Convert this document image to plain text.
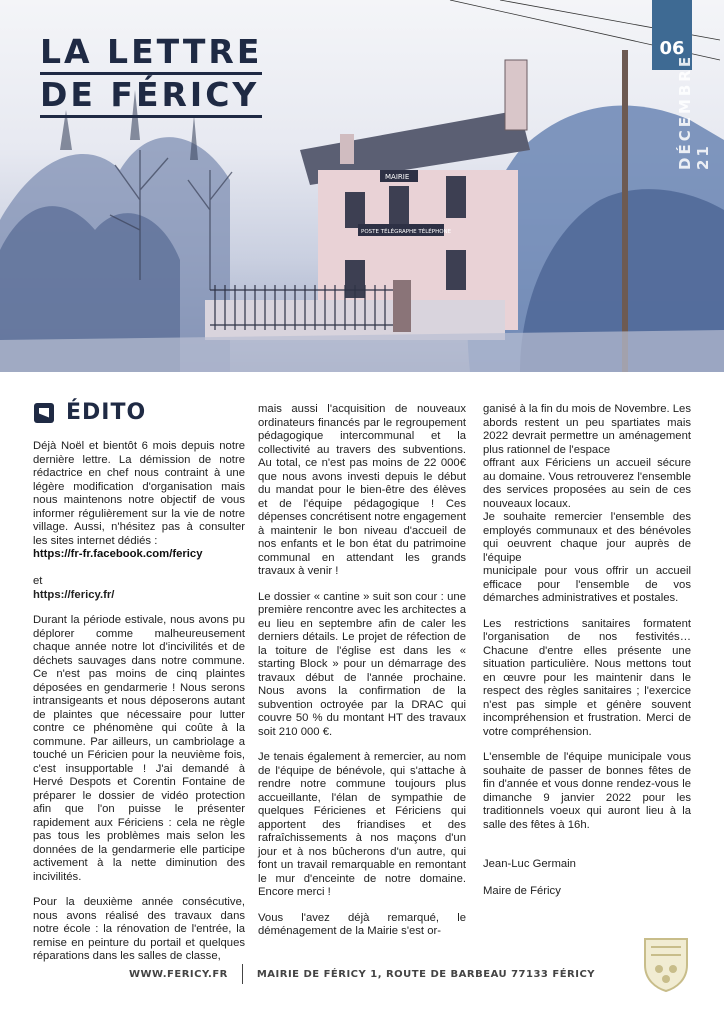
MAIRIE
POSTE TÉLÉGRAPHE TÉLÉPHONE
LA LETTRE
DE FÉRICY
06
DÉCEMBRE 21
ÉDITO

Déjà Noël et bientôt 6 mois depuis notre dernière lettre. La démission de notre rédactrice en chef nous contraint à une légère modification d'organisation mais nous maintenons notre objectif de vous informer régulièrement sur la vie de notre village. Aussi, n'hésitez pas à consulter les sites internet dédiés :

https://fr-fr.facebook.com/fericy

et
https://fericy.fr/

Durant la période estivale, nous avons pu déplorer comme malheureusement chaque année notre lot d'incivilités et de déchets sauvages dans notre commune. Ce n'est pas moins de cinq plaintes déposées en gendarmerie ! Nous serons intransigeants et nous déposerons autant de plaintes que nécessaire pour lutter contre ce phénomène qui coûte à la commune. Par ailleurs, un cambriolage a touché un Féricien pour la neuvième fois, c'est insupportable ! J'ai demandé à Hervé Despots et Corentin Fontaine de préparer le dossier de vidéo protection afin que l'on puisse le présenter rapidement aux Fériciens : cela ne règle pas tous les problèmes mais selon les données de la gendarmerie elle participe activement à la nette diminution des incivilités.

Pour la deuxième année consécutive, nous avons réalisé des travaux dans notre école : la rénovation de l'entrée, la remise en peinture du portail et quelques réparations dans les salles de classe,

mais aussi l'acquisition de nouveaux ordinateurs financés par le regroupement pédagogique intercommunal et la collectivité au travers des subventions. Au total, ce n'est pas moins de 22 000€ que nous avons investi depuis le début du mandat pour le bien-être des élèves et de l'équipe pédagogique ! Ces dépenses concrétisent notre engagement à maintenir le bon niveau d'accueil de nos enfants et le bon état du patrimoine communal en attendant les grands travaux à venir !

Le dossier « cantine » suit son cour : une première rencontre avec les architectes a eu lieu en septembre afin de caler les derniers détails. Le projet de réfection de la toiture de l'église est dans les « starting Block » pour un démarrage des travaux début de l'année prochaine. Nous avons la confirmation de la subvention octroyée par la DRAC qui couvre 50 % du montant HT des travaux soit 210 000 €.

Je tenais également à remercier, au nom de l'équipe de bénévole, qui s'attache à rendre notre commune toujours plus accueillante, l'élan de sympathie de quelques Féricienes et Fériciens qui apportent des friandises et des rafraîchissements à nos maçons d'un jour et à nos bûcherons d'un autre, qui font un travail remarquable en remontant le mur d'enceinte de notre domaine. Encore merci !

Vous l'avez déjà remarqué, le déménagement de la Mairie s'est or-

ganisé à la fin du mois de Novembre. Les abords restent un peu spartiates mais 2022 devrait permettre un aménagement plus rationnel de l'espace
offrant aux Fériciens un accueil sécure au domaine. Vous retrouverez l'ensemble des services proposées au sein de ces nouveaux locaux.
Je souhaite remercier l'ensemble des employés communaux et des bénévoles qui oeuvrent chaque jour auprès de l'équipe
municipale pour vous offrir un accueil efficace pour l'ensemble de vos démarches administratives et postales.

Les restrictions sanitaires formatent l'organisation de nos festivités… Chacune d'entre elles présente une situation particulière. Nous mettons tout en œuvre pour les maintenir dans le respect des règles sanitaires ; l'exercice n'est pas simple et génère souvent incompréhension et frustration. Merci de votre compréhension.

L'ensemble de l'équipe municipale vous souhaite de passer de bonnes fêtes de fin d'année et vous donne rendez-vous le dimanche 9 janvier 2022 pour les traditionnels voeux qui auront lieu à la salle des fêtes à 16h.

Jean-Luc Germain

Maire de Féricy

WWW.FERICY.FR	MAIRIE DE FÉRICY 1, ROUTE DE BARBEAU 77133 FÉRICY
